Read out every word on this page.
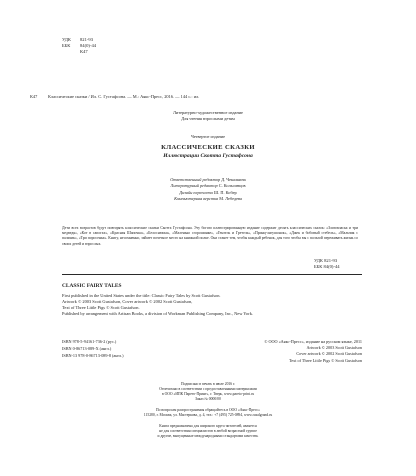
УДК 821-93
ББК 84(0)-44
К47
К47 Классические сказки / Ил. С. Густафсона. — М.: Аякс-Пресс, 2016. — 144 с.: ил.
Литературно-художественное издание
Для чтения взрослыми детям
Четвертое издание
КЛАССИЧЕСКИЕ СКАЗКИ
Иллюстрации Скотта Густафсона
Ответственный редактор Д. Чекалкина
Литературный редактор С. Кольсинцов
Дизайн переплета Ш. П. Кобер
Компьютерная верстка М. Лебедева
Дети всех возрастов будут повторять классические сказки Скотта Густафсона. Эту богато иллюстрированную издание содержит десять классических сказок: «Златовласка и три медведя», «Кот в сапогах», «Красная Шапочка», «Белоснежка», «Маленько сгорошинке», «Гензель и Гретель», «Принц-лягушонок», «Джек и бобовый стебель», «Мальчик с пальчик», «Три поросенка». Книгу, несомненно, займет почетное место на книжной полке. Она станет тем, чтобы каждый ребенок, для того чтобы вы с пользой переживать жизнь со своих детей и взрослых.
УДК 821-93
ББК 84(0)-44
CLASSIC FAIRY TALES
First published in the United States under the title: Classic Fairy Tales by Scott Gustafson.
Artwork © 2003 Scott Gustafson, Cover artwork © 2002 Scott Gustafson,
Text of Three Little Pigs © Scott Gustafson.
Published by arrangement with Artisan Books, a division of Workman Publishing Company, Inc., New York.
ISBN 978-5-94161-736-2 (рус.)
ISBN 0-86713-089-X (англ.)
ISBN-13 978-0-86713-089-8 (англ.)
© ООО «Аякс-Пресс», издание на русском языке, 2011
Artwork © 2003 Scott Gustafson
Cover artwork © 2002 Scott Gustafson
Text of Three Little Pigs © Scott Gustafson
Подписано в печать в июле 2016 г.
Отпечатано в соответствии с предоставленными материалами
в ООО «ИПК Парето-Принт», г. Тверь, www.pareto-print.ru
Заказ № 0000/00
По вопросам распространения обращайтесь в ООО «Аякс-Пресс»
115280, г. Москва, ул. Мастеркова, д. 4, тел.: +7 (495) 725-0894, www.rusalgrand.ru
Книга предназначена для широкого круга читателей, является
не для соответствия специалистов в любой возрастной группе
и другие, выпущенные международными стандартами качества.
